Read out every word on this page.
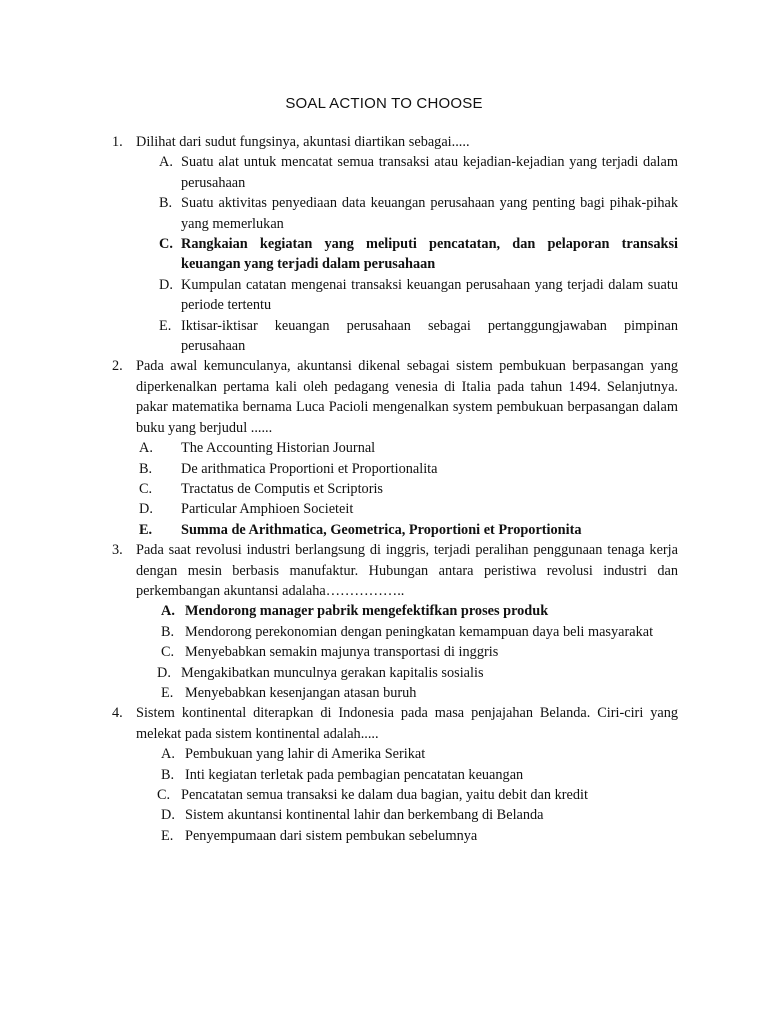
SOAL ACTION TO CHOOSE
1. Dilihat dari sudut fungsinya, akuntasi diartikan sebagai.....
A. Suatu alat untuk mencatat semua transaksi atau kejadian-kejadian yang terjadi dalam perusahaan
B. Suatu aktivitas penyediaan data keuangan perusahaan yang penting bagi pihak-pihak yang memerlukan
C. Rangkaian kegiatan yang meliputi pencatatan, dan pelaporan transaksi keuangan yang terjadi dalam perusahaan
D. Kumpulan catatan mengenai transaksi keuangan perusahaan yang terjadi dalam suatu periode tertentu
E. Iktisar-iktisar keuangan perusahaan sebagai pertanggungjawaban pimpinan perusahaan
2. Pada awal kemunculanya, akuntansi dikenal sebagai sistem pembukuan berpasangan yang diperkenalkan pertama kali oleh pedagang venesia di Italia pada tahun 1494. Selanjutnya. pakar matematika bernama Luca Pacioli mengenalkan system pembukuan berpasangan dalam buku yang berjudul ......
A. The Accounting Historian Journal
B. De arithmatica Proportioni et Proportionalita
C. Tractatus de Computis et Scriptoris
D. Particular Amphioen Societeit
E. Summa de Arithmatica, Geometrica, Proportioni et Proportionita
3. Pada saat revolusi industri berlangsung di inggris, terjadi peralihan penggunaan tenaga kerja dengan mesin berbasis manufaktur. Hubungan antara peristiwa revolusi industri dan perkembangan akuntansi adalaha……………..
A. Mendorong manager pabrik mengefektifkan proses produk
B. Mendorong perekonomian dengan peningkatan kemampuan daya beli masyarakat
C. Menyebabkan semakin majunya transportasi di inggris
D. Mengakibatkan munculnya gerakan kapitalis sosialis
E. Menyebabkan kesenjangan atasan buruh
4. Sistem kontinental diterapkan di Indonesia pada masa penjajahan Belanda. Ciri-ciri yang melekat pada sistem kontinental adalah.....
A. Pembukuan yang lahir di Amerika Serikat
B. Inti kegiatan terletak pada pembagian pencatatan keuangan
C. Pencatatan semua transaksi ke dalam dua bagian, yaitu debit dan kredit
D. Sistem akuntansi kontinental lahir dan berkembang di Belanda
E. Penyempumaan dari sistem pembukan sebelumnya
